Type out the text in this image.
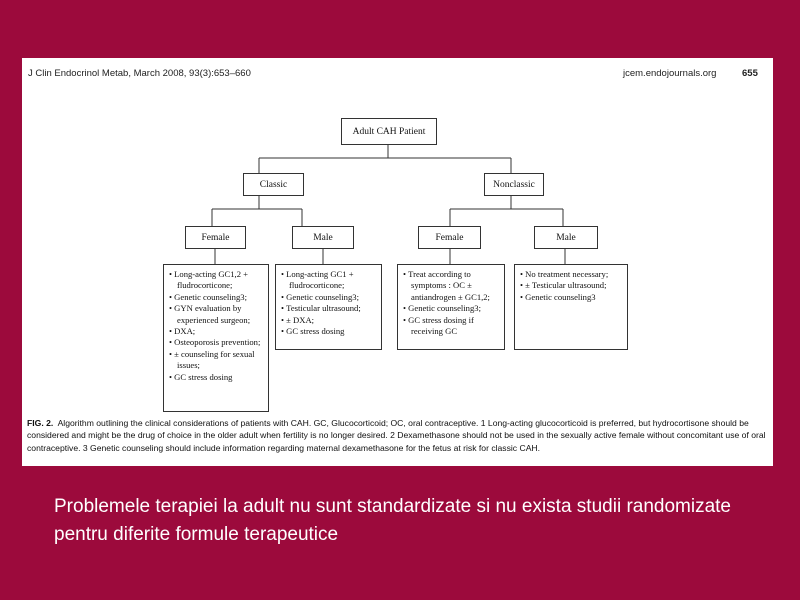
J Clin Endocrinol Metab, March 2008, 93(3):653–660	jcem.endojournals.org	655
Adult CAH Patient
Classic	Nonclassic
Female	Male	Female	Male
• Long-acting GC1,2 + fludrocorticone;
• Genetic counseling3;
• GYN evaluation by experienced surgeon;
• DXA;
• Osteoporosis prevention;
• ± counseling for sexual issues;
• GC stress dosing
• Long-acting GC1 + fludrocorticone;
• Genetic counseling3;
• Testicular ultrasound;
• ± DXA;
• GC stress dosing
• Treat according to symptoms : OC ± antiandrogen ± GC1,2;
• Genetic counseling3;
• GC stress dosing if receiving GC
• No treatment necessary;
• ± Testicular ultrasound;
• Genetic counseling3
FIG. 2. Algorithm outlining the clinical considerations of patients with CAH. GC, Glucocorticoid; OC, oral contraceptive. 1 Long-acting glucocorticoid is preferred, but hydrocortisone should be considered and might be the drug of choice in the older adult when fertility is no longer desired. 2 Dexamethasone should not be used in the sexually active female without concomitant use of oral contraceptive. 3 Genetic counseling should include information regarding maternal dexamethasone for the fetus at risk for classic CAH.
Problemele terapiei la adult nu sunt standardizate si nu exista studii randomizate pentru diferite formule terapeutice
